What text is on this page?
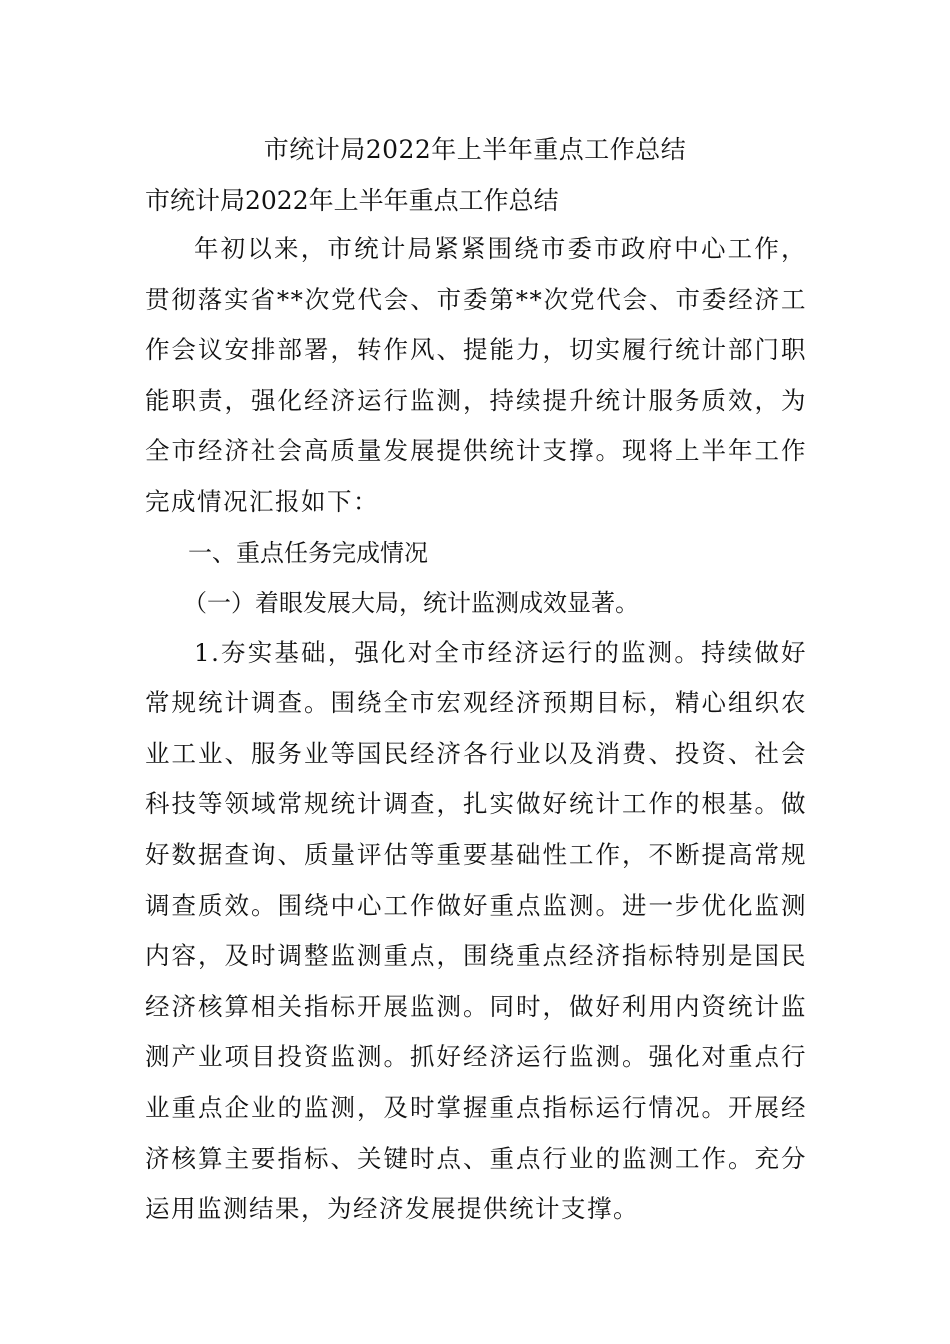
市统计局2022年上半年重点工作总结

市统计局2022年上半年重点工作总结

年初以来，市统计局紧紧围绕市委市政府中心工作，贯彻落实省**次党代会、市委第**次党代会、市委经济工作会议安排部署，转作风、提能力，切实履行统计部门职能职责，强化经济运行监测，持续提升统计服务质效，为全市经济社会高质量发展提供统计支撑。现将上半年工作完成情况汇报如下：

一、重点任务完成情况

（一）着眼发展大局，统计监测成效显著。

1.夯实基础，强化对全市经济运行的监测。持续做好常规统计调查。围绕全市宏观经济预期目标，精心组织农业工业、服务业等国民经济各行业以及消费、投资、社会科技等领域常规统计调查，扎实做好统计工作的根基。做好数据查询、质量评估等重要基础性工作，不断提高常规调查质效。围绕中心工作做好重点监测。进一步优化监测内容，及时调整监测重点，围绕重点经济指标特别是国民经济核算相关指标开展监测。同时，做好利用内资统计监测产业项目投资监测。抓好经济运行监测。强化对重点行业重点企业的监测，及时掌握重点指标运行情况。开展经济核算主要指标、关键时点、重点行业的监测工作。充分运用监测结果，为经济发展提供统计支撑。
